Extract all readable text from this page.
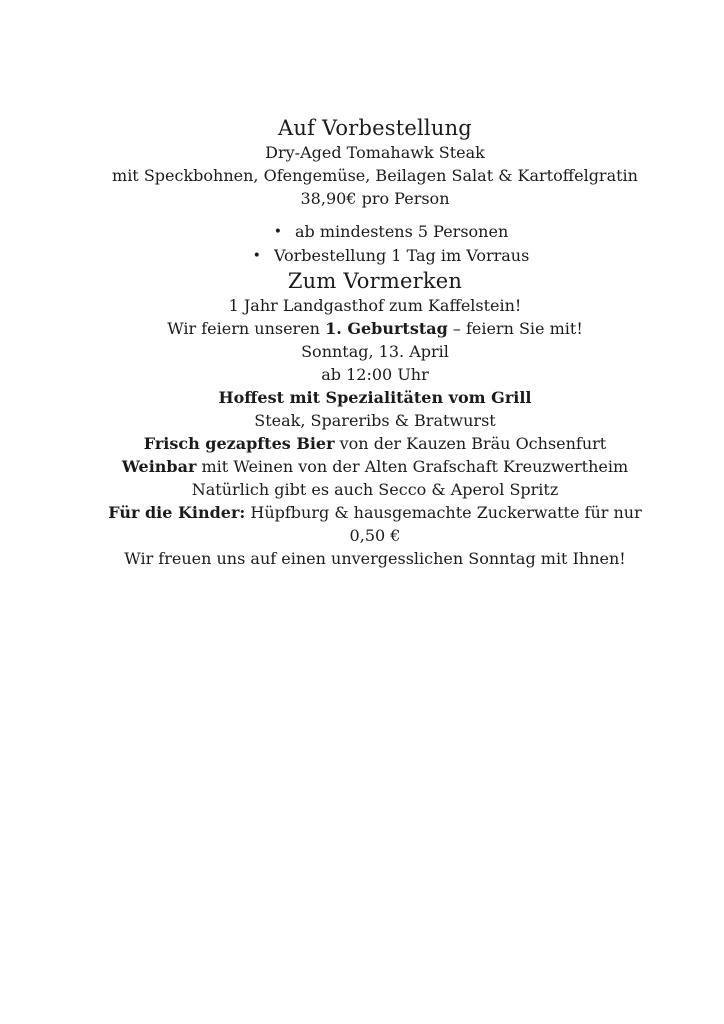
Auf Vorbestellung

Dry-Aged Tomahawk Steak

mit Speckbohnen, Ofengemüse, Beilagen Salat & Kartoffelgratin

38,90€ pro Person

• ab mindestens 5 Personen
• Vorbestellung 1 Tag im Vorraus
Zum Vormerken

1 Jahr Landgasthof zum Kaffelstein!

Wir feiern unseren 1. Geburtstag – feiern Sie mit!

Sonntag, 13. April
ab 12:00 Uhr

Hoffest mit Spezialitäten vom Grill
Steak, Spareribs & Bratwurst

Frisch gezapftes Bier von der Kauzen Bräu Ochsenfurt
Weinbar mit Weinen von der Alten Grafschaft Kreuzwertheim
Natürlich gibt es auch Secco & Aperol Spritz

Für die Kinder: Hüpfburg & hausgemachte Zuckerwatte für nur
0,50 €

Wir freuen uns auf einen unvergesslichen Sonntag mit Ihnen!
